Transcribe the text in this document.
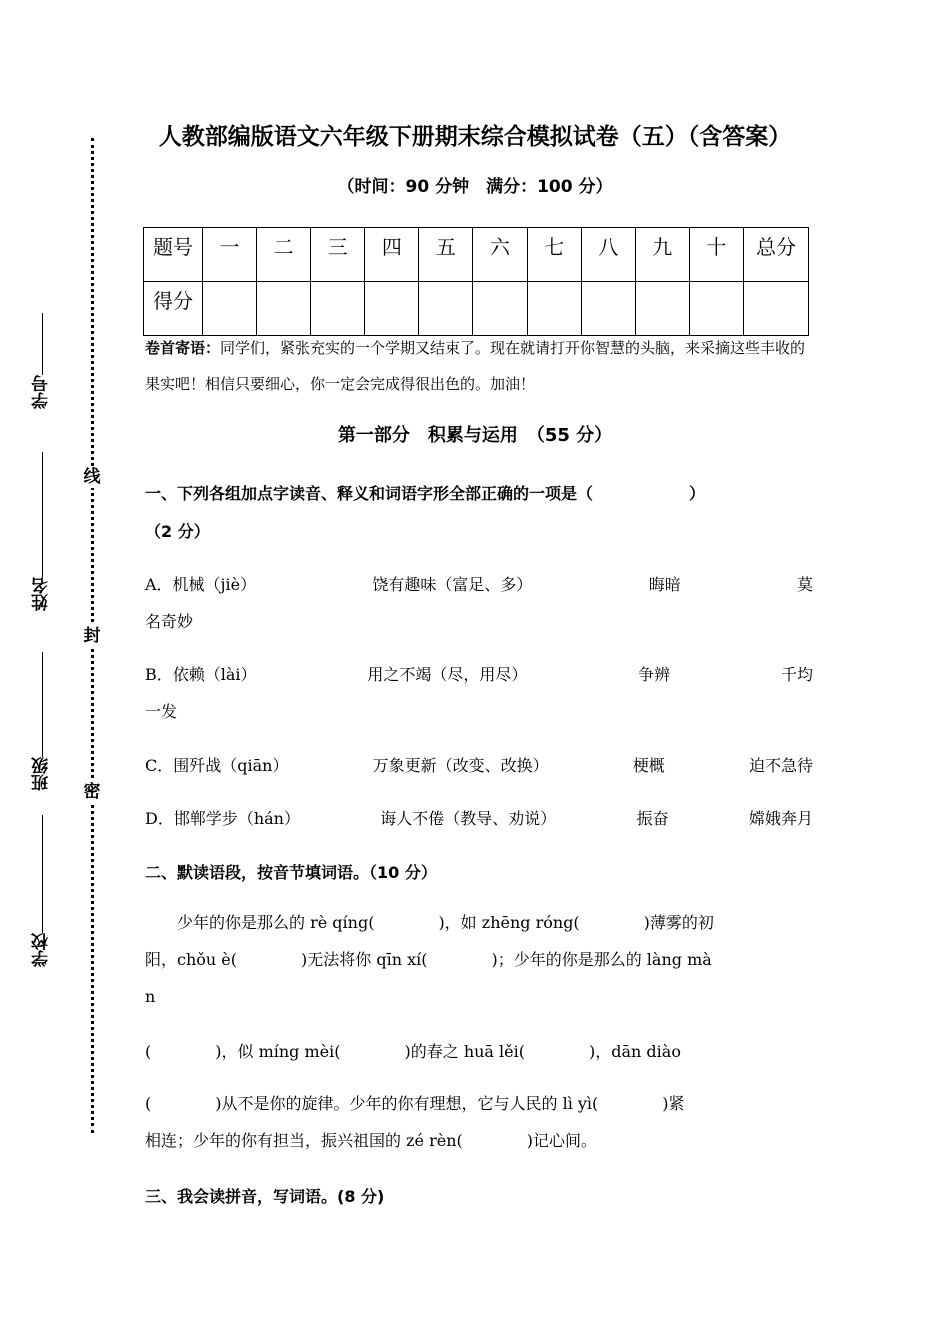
线
封
密
学号
姓名
班级
学校
人教部编版语文六年级下册期末综合模拟试卷（五）（含答案）
（时间：90 分钟　满分：100 分）
题号	一	二	三	四	五	六	七	八	九	十	总分
得分											
卷首寄语：同学们，紧张充实的一个学期又结束了。现在就请打开你智慧的头脑，来采摘这些丰收的果实吧！相信只要细心，你一定会完成得很出色的。加油！
第一部分　积累与运用　（55 分）
一、下列各组加点字读音、释义和词语字形全部正确的一项是（　　　　　　）
（2 分）
A．机械（jiè）	饶有趣味（富足、多）	晦暗	莫
名奇妙
B．依赖（lài）	用之不竭（尽，用尽）	争辨	千均
一发
C．围歼战（qiān）	万象更新（改变、改换）	梗概	迫不急待
D．邯郸学步（hán）	诲人不倦（教导、劝说）	振奋	嫦娥奔月
二、默读语段，按音节填词语。（10 分）
　　少年的你是那么的 rè qíng(　　　　)，如 zhēng róng(　　　　)薄雾的初
阳，chǒu è(　　　　)无法将你 qīn xí(　　　　)；少年的你是那么的 làng mà
n
(　　　　)，似 míng mèi(　　　　)的春之 huā lěi(　　　　)，dān diào
(　　　　)从不是你的旋律。少年的你有理想，它与人民的 lì yì(　　　　)紧
相连；少年的你有担当，振兴祖国的 zé rèn(　　　　)记心间。
三、我会读拼音，写词语。(8 分)
